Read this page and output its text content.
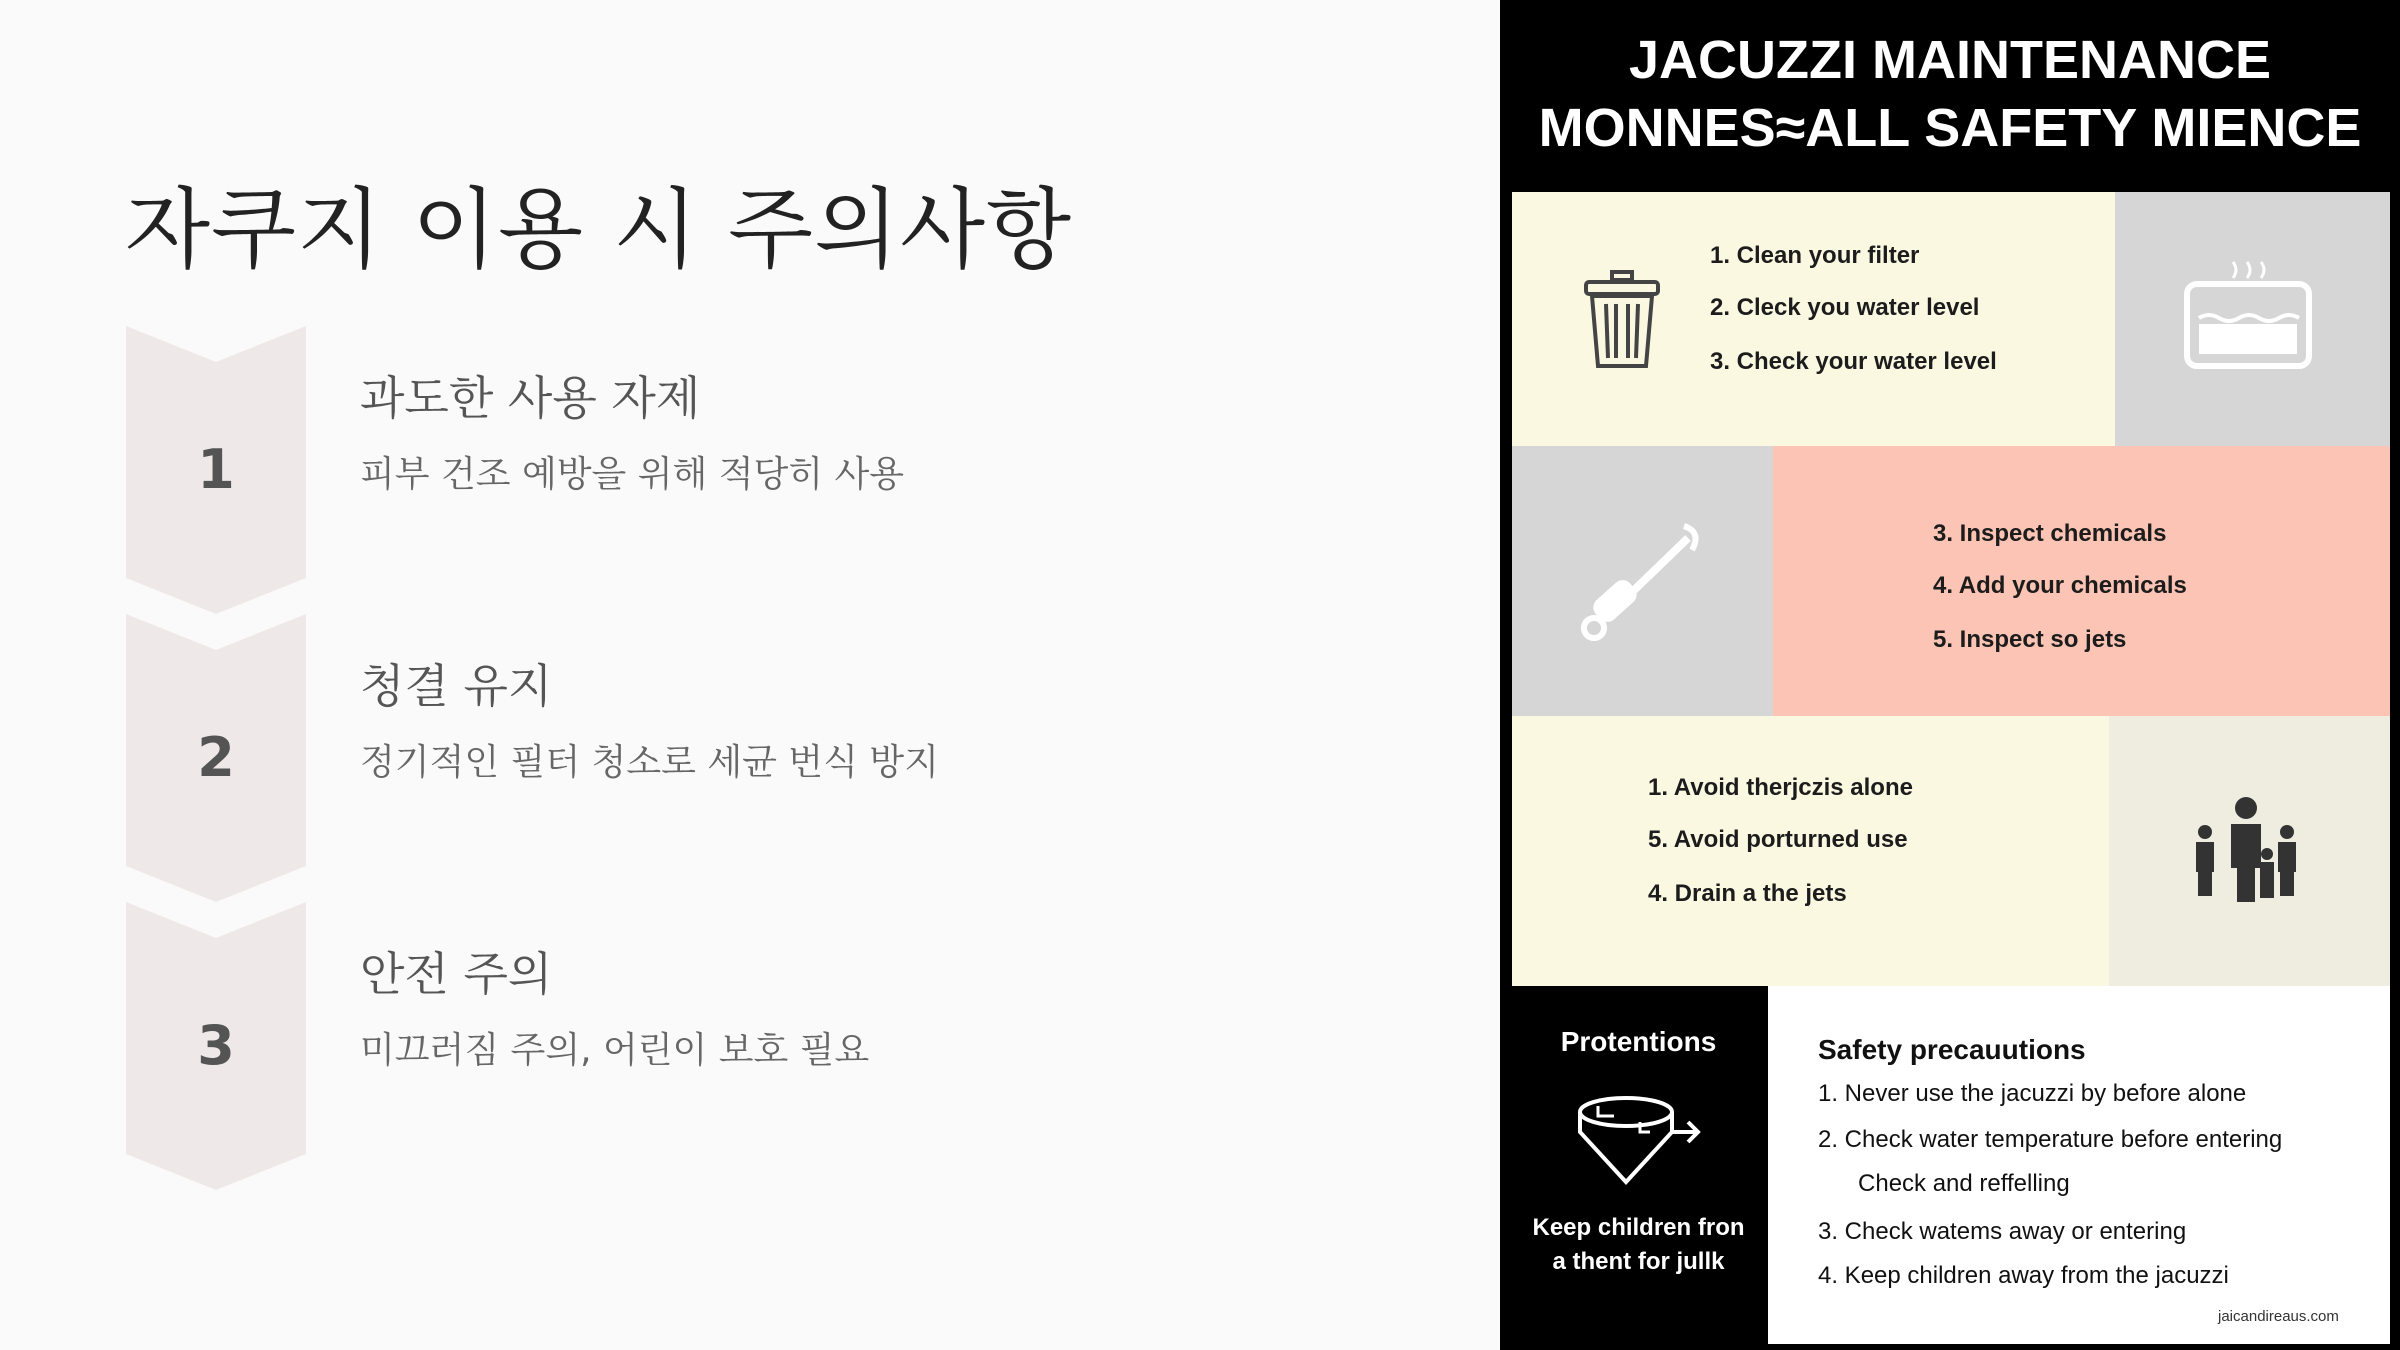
자쿠지 이용 시 주의사항
1
과도한 사용 자제
피부 건조 예방을 위해 적당히 사용
2
청결 유지
정기적인 필터 청소로 세균 번식 방지
3
안전 주의
미끄러짐 주의, 어린이 보호 필요
JACUZZI MAINTENANCE
MONNES≈ALL SAFETY MIENCE
1. Clean your filter
2. Cleck you water level
3. Check your water level
3. Inspect chemicals
4. Add your chemicals
5. Inspect so jets
1. Avoid therjczis alone
5. Avoid porturned use
4. Drain a the jets
Protentions
Keep children fron
a thent for jullk
Safety precauutions
1. Never use the jacuzzi by before alone
2. Check water temperature before entering
Check and reffelling
3. Check watems away or entering
4. Keep children away from the jacuzzi
jaicandireaus.com
